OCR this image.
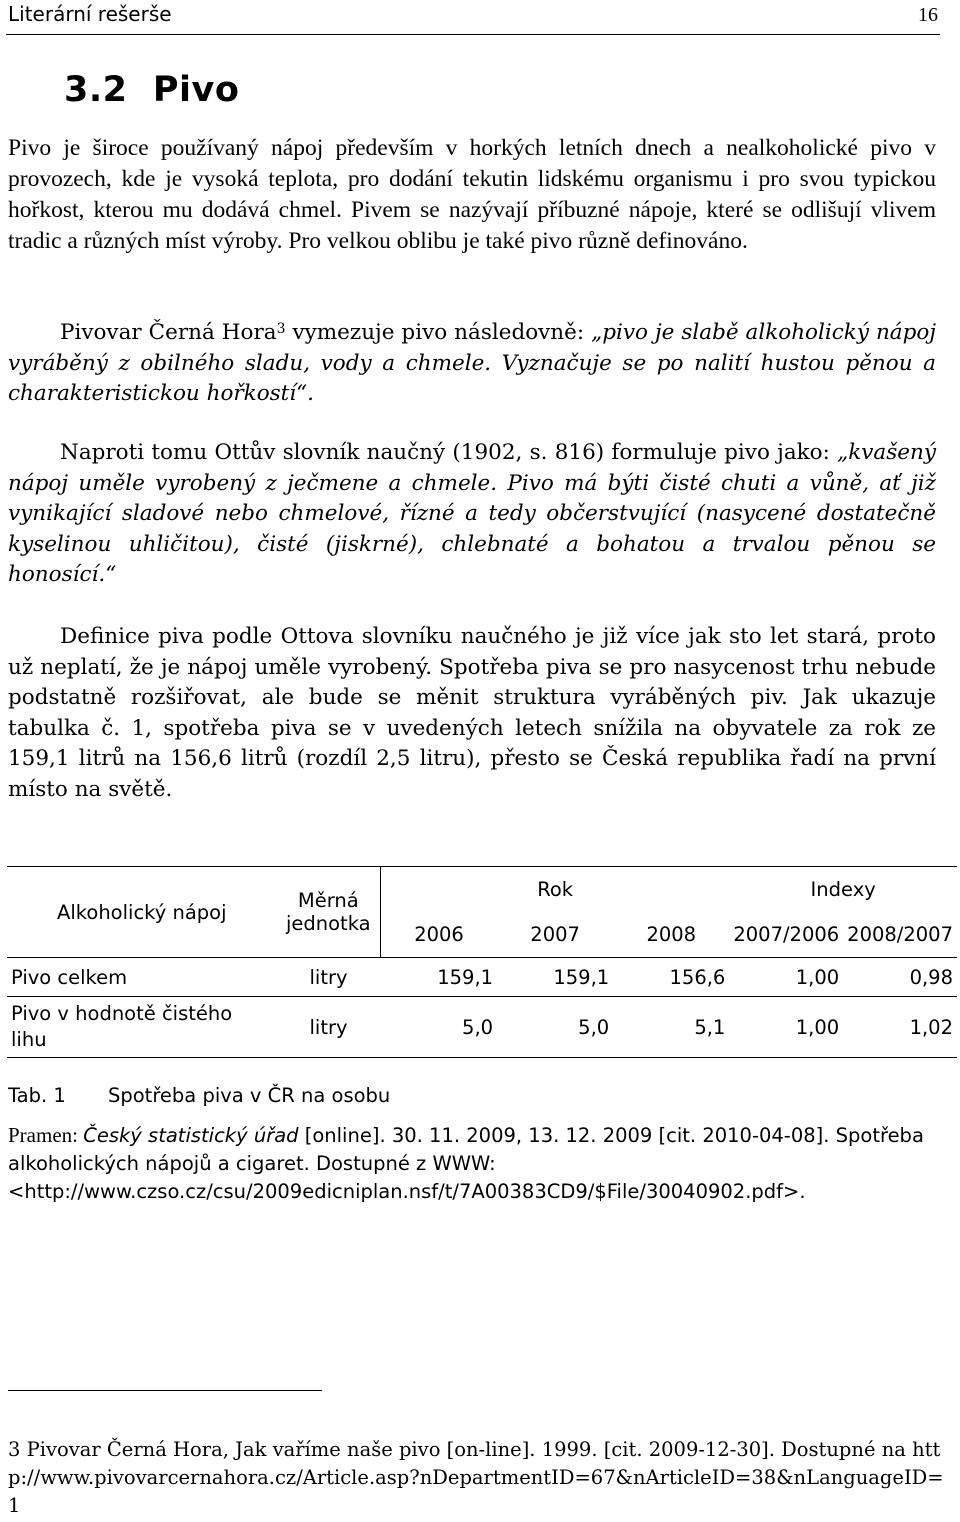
Literární rešerše	16
3.2  Pivo
Pivo je široce používaný nápoj především v horkých letních dnech a nealkoholické pivo v provozech, kde je vysoká teplota, pro dodání tekutin lidskému organismu i pro svou typickou hořkost, kterou mu dodává chmel. Pivem se nazývají příbuzné nápoje, které se odlišují vlivem tradic a různých míst výroby. Pro velkou oblibu je také pivo různě definováno.
Pivovar Černá Hora$^3$ vymezuje pivo následovně: „pivo je slabě alkoholický nápoj vyráběný z obilného sladu, vody a chmele. Vyznačuje se po nalití hustou pěnou a charakteristickou hořkostí“.
Naproti tomu Ottův slovník naučný (1902, s. 816) formuluje pivo jako: „kvašený nápoj uměle vyrobený z ječmene a chmele. Pivo má býti čisté chuti a vůně, ať již vynikající sladové nebo chmelové, řízné a tedy občerstvující (nasycené dostatečně kyselinou uhličitou), čisté (jiskrné), chlebnaté a bohatou a trvalou pěnou se honosící.“
Definice piva podle Ottova slovníku naučného je již více jak sto let stará, proto už neplatí, že je nápoj uměle vyrobený. Spotřeba piva se pro nasycenost trhu nebude podstatně rozšiřovat, ale bude se měnit struktura vyráběných piv. Jak ukazuje tabulka č. 1, spotřeba piva se v uvedených letech snížila na obyvatele za rok ze 159,1 litrů na 156,6 litrů (rozdíl 2,5 litru), přesto se Česká republika řadí na první místo na světě.
Alkoholický nápoj	Měrná jednotka	Rok			Indexy	
		2006	2007	2008	2007/2006	2008/2007
Pivo celkem	litry	159,1	159,1	156,6	1,00	0,98
Pivo v hodnotě čistého lihu	litry	5,0	5,0	5,1	1,00	1,02
Tab. 1 Spotřeba piva v ČR na osobu
Pramen: Český statistický úřad [online]. 30. 11. 2009, 13. 12. 2009 [cit. 2010-04-08]. Spotřeba alkoholických nápojů a cigaret. Dostupné z WWW: <http://www.czso.cz/csu/2009edicniplan.nsf/t/7A00383CD9/$File/30040902.pdf>.
3 Pivovar Černá Hora, Jak vaříme naše pivo [on-line]. 1999. [cit. 2009-12-30]. Dostupné na http://www.pivovarcernahora.cz/Article.asp?nDepartmentID=67&nArticleID=38&nLanguageID=1
